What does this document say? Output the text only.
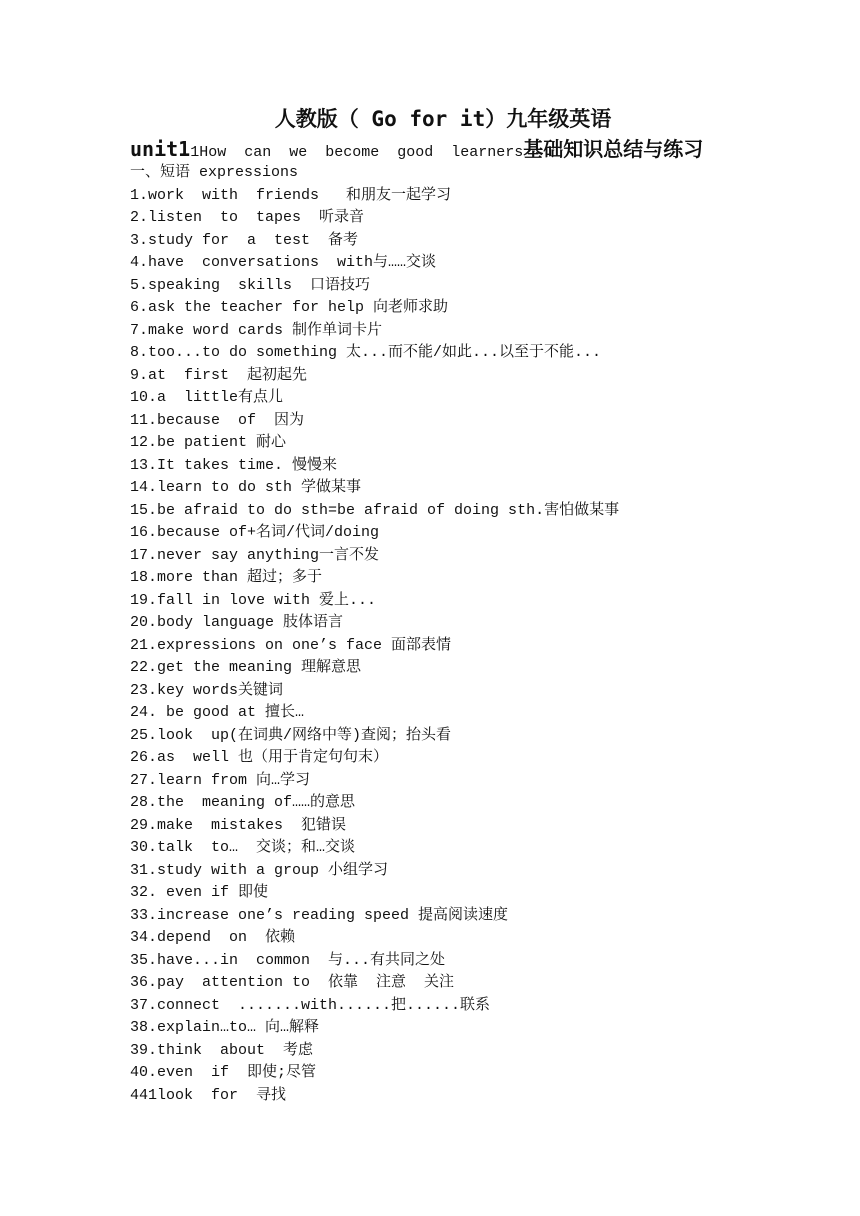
人教版（ Go for it）九年级英语
unit11How  can  we  become  good  learners基础知识总结与练习
一、短语 expressions
1.work  with  friends   和朋友一起学习
2.listen  to  tapes  听录音
3.study for  a  test  备考
4.have  conversations  with与……交谈
5.speaking  skills  口语技巧
6.ask the teacher for help 向老师求助
7.make word cards 制作单词卡片
8.too...to do something 太...而不能/如此...以至于不能...
9.at  first  起初起先
10.a  little有点儿
11.because  of  因为
12.be patient 耐心
13.It takes time. 慢慢来
14.learn to do sth 学做某事
15.be afraid to do sth=be afraid of doing sth.害怕做某事
16.because of+名词/代词/doing
17.never say anything一言不发
18.more than 超过；多于
19.fall in love with 爱上...
20.body language 肢体语言
21.expressions on one’s face 面部表情
22.get the meaning 理解意思
23.key words关键词
24. be good at 擅长…
25.look  up(在词典/网络中等)查阅；抬头看
26.as  well 也（用于肯定句句末）
27.learn from 向…学习
28.the  meaning of……的意思
29.make  mistakes  犯错误
30.talk  to…  交谈；和…交谈
31.study with a group 小组学习
32. even if 即使
33.increase one’s reading speed 提高阅读速度
34.depend  on  依赖
35.have...in  common  与...有共同之处
36.pay  attention to  依靠  注意  关注
37.connect  .......with......把......联系
38.explain…to… 向…解释
39.think  about  考虑
40.even  if  即使;尽管
441look  for  寻找
